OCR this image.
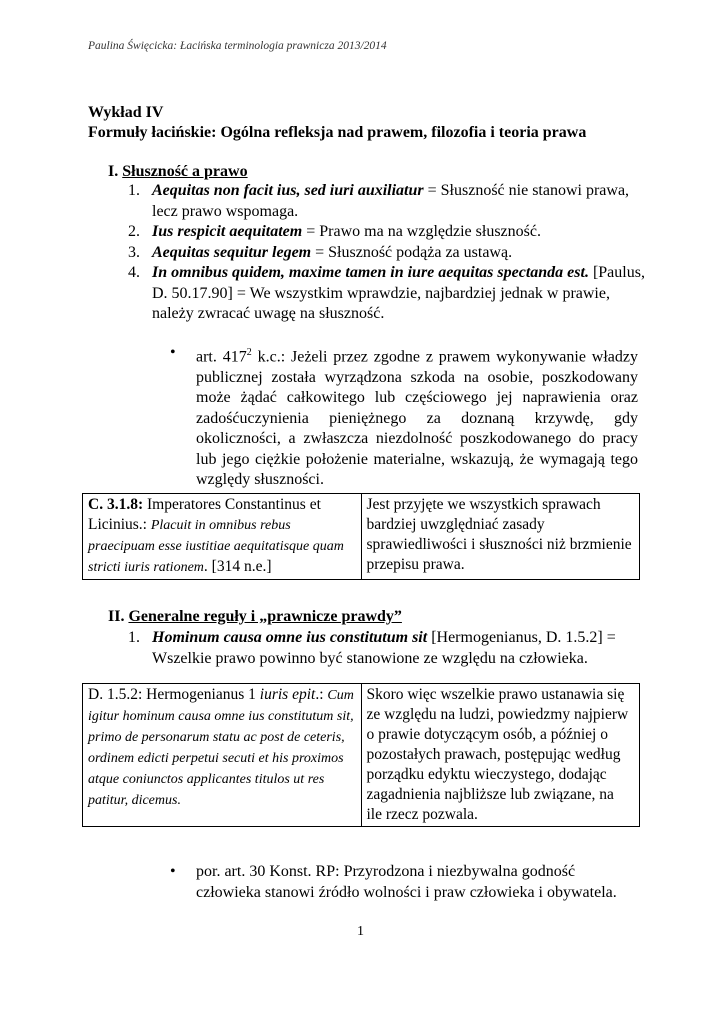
Paulina Święcicka: Łacińska terminologia prawnicza 2013/2014
Wykład IV
Formuły łacińskie: Ogólna refleksja nad prawem, filozofia i teoria prawa
I. Słuszność a prawo
1. Aequitas non facit ius, sed iuri auxiliatur = Słuszność nie stanowi prawa, lecz prawo wspomaga.
2. Ius respicit aequitatem = Prawo ma na względzie słuszność.
3. Aequitas sequitur legem = Słuszność podąża za ustawą.
4. In omnibus quidem, maxime tamen in iure aequitas spectanda est. [Paulus, D. 50.17.90] = We wszystkim wprawdzie, najbardziej jednak w prawie, należy zwracać uwagę na słuszność.
• art. $417^2$ k.c.: Jeżeli przez zgodne z prawem wykonywanie władzy publicznej została wyrządzona szkoda na osobie, poszkodowany może żądać całkowitego lub częściowego jej naprawienia oraz zadośćuczynienia pieniężnego za doznaną krzywdę, gdy okoliczności, a zwłaszcza niezdolność poszkodowanego do pracy lub jego ciężkie położenie materialne, wskazują, że wymagają tego względy słuszności.
C. 3.1.8: Imperatores Constantinus et Licinius.: Placuit in omnibus rebus praecipuam esse iustitiae aequitatisque quam stricti iuris rationem. [314 n.e.]	Jest przyjęte we wszystkich sprawach bardziej uwzględniać zasady sprawiedliwości i słuszności niż brzmienie przepisu prawa.
II. Generalne reguły i „prawnicze prawdy”
1. Hominum causa omne ius constitutum sit [Hermogenianus, D. 1.5.2] = Wszelkie prawo powinno być stanowione ze względu na człowieka.
D. 1.5.2: Hermogenianus 1 iuris epit.: Cum igitur hominum causa omne ius constitutum sit, primo de personarum statu ac post de ceteris, ordinem edicti perpetui secuti et his proximos atque coniunctos applicantes titulos ut res patitur, dicemus.	Skoro więc wszelkie prawo ustanawia się ze względu na ludzi, powiedzmy najpierw o prawie dotyczącym osób, a później o pozostałych prawach, postępując według porządku edyktu wieczystego, dodając zagadnienia najbliższe lub związane, na ile rzecz pozwala.
• por. art. 30 Konst. RP: Przyrodzona i niezbywalna godność człowieka stanowi źródło wolności i praw człowieka i obywatela.
1
